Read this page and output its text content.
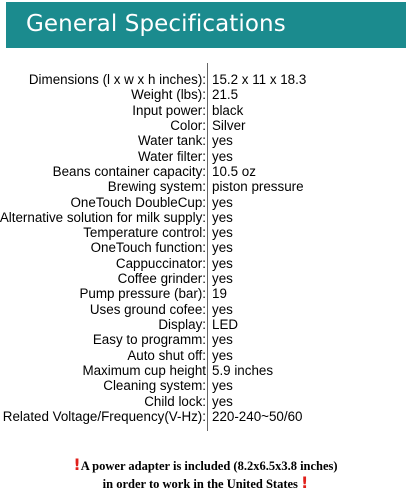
General Specifications
Dimensions (l x w x h inches): 15.2 x 11 x 18.3
Weight (lbs): 21.5
Input power: black
Color: Silver
Water tank: yes
Water filter: yes
Beans container capacity: 10.5 oz
Brewing system: piston pressure
OneTouch DoubleCup: yes
Alternative solution for milk supply: yes
Temperature control: yes
OneTouch function: yes
Cappuccinator: yes
Coffee grinder: yes
Pump pressure (bar): 19
Uses ground cofee: yes
Display: LED
Easy to programm: yes
Auto shut off: yes
Maximum cup height 5.9 inches
Cleaning system: yes
Child lock: yes
Related Voltage/Frequency(V-Hz): 220-240~50/60
!A power adapter is included (8.2x6.5x3.8 inches)
in order to work in the United States !
